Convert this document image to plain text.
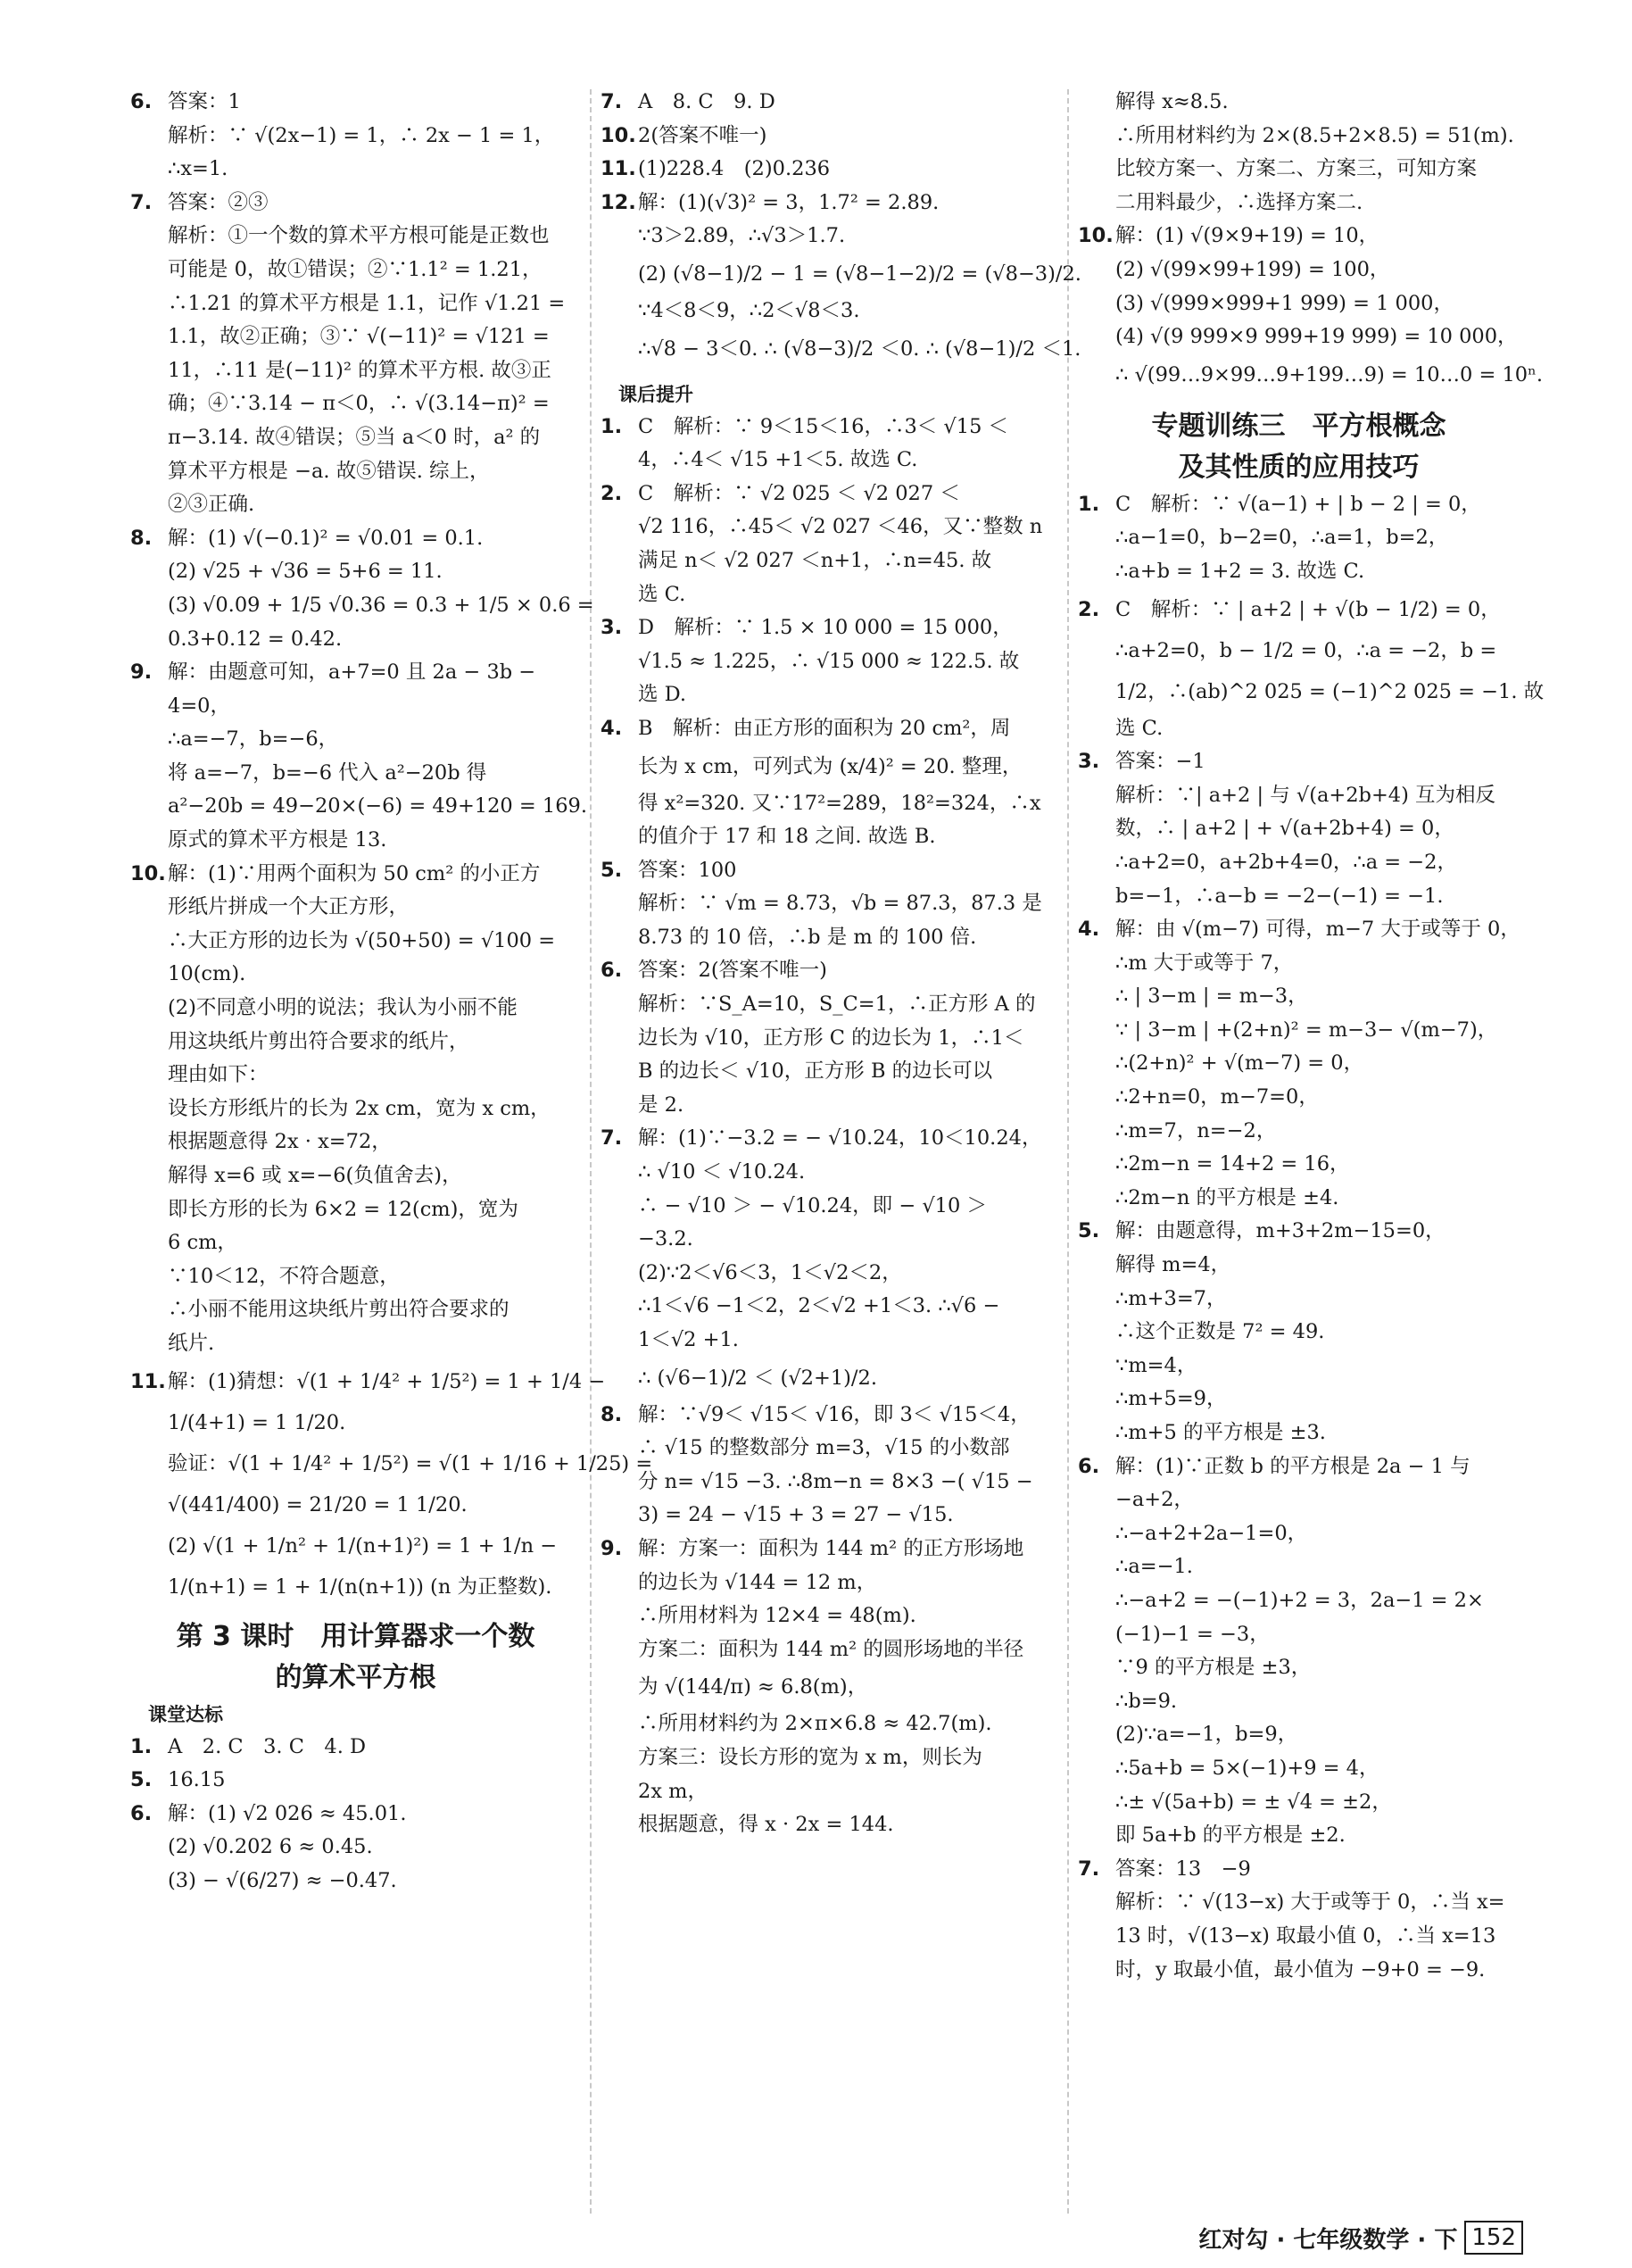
6. 答案：1
解析：∵ √(2x−1) = 1，∴ 2x − 1 = 1，
∴x=1.
7. 答案：②③
解析：①一个数的算术平方根可能是正数也
可能是 0，故①错误；②∵1.1² = 1.21，
∴1.21 的算术平方根是 1.1，记作 √1.21 =
1.1，故②正确；③∵ √(−11)² = √121 =
11，∴11 是(−11)² 的算术平方根. 故③正
确；④∵3.14 − π＜0，∴ √(3.14−π)² =
π−3.14. 故④错误；⑤当 a＜0 时，a² 的
算术平方根是 −a. 故⑤错误. 综上，
②③正确.
8. 解：(1) √(−0.1)² = √0.01 = 0.1.
(2) √25 + √36 = 5+6 = 11.
(3) √0.09 + 1/5 √0.36 = 0.3 + 1/5 × 0.6 =
0.3+0.12 = 0.42.
9. 解：由题意可知，a+7=0 且 2a − 3b −
4=0，
∴a=−7，b=−6，
将 a=−7，b=−6 代入 a²−20b 得
a²−20b = 49−20×(−6) = 49+120 = 169.
原式的算术平方根是 13.
10.解：(1)∵用两个面积为 50 cm² 的小正方
形纸片拼成一个大正方形，
∴大正方形的边长为 √(50+50) = √100 =
10(cm).
(2)不同意小明的说法；我认为小丽不能
用这块纸片剪出符合要求的纸片，
理由如下：
设长方形纸片的长为 2x cm，宽为 x cm，
根据题意得 2x · x=72，
解得 x=6 或 x=−6(负值舍去)，
即长方形的长为 6×2 = 12(cm)，宽为
6 cm，
∵10＜12，不符合题意，
∴小丽不能用这块纸片剪出符合要求的
纸片.
11.解：(1)猜想：√(1 + 1/4² + 1/5²) = 1 + 1/4 −
1/(4+1) = 1 1/20.
验证：√(1 + 1/4² + 1/5²) = √(1 + 1/16 + 1/25) =
√(441/400) = 21/20 = 1 1/20.
(2) √(1 + 1/n² + 1/(n+1)²) = 1 + 1/n −
1/(n+1) = 1 + 1/(n(n+1)) (n 为正整数).
第 3 课时　用计算器求一个数
的算术平方根
课堂达标
1. A　2. C　3. C　4. D
5. 16.15
6. 解：(1) √2 026 ≈ 45.01.
(2) √0.202 6 ≈ 0.45.
(3) − √(6/27) ≈ −0.47.
7. A　8. C　9. D
10.2(答案不唯一)
11.(1)228.4　(2)0.236
12.解：(1)(√3)² = 3，1.7² = 2.89.
∵3＞2.89，∴√3＞1.7.
(2) (√8−1)/2 − 1 = (√8−1−2)/2 = (√8−3)/2.
∵4＜8＜9，∴2＜√8＜3.
∴√8 − 3＜0. ∴ (√8−3)/2 ＜0. ∴ (√8−1)/2 ＜1.
课后提升
1. C　解析：∵ 9＜15＜16，∴3＜ √15 ＜
4，∴4＜ √15 +1＜5. 故选 C.
2. C　解析：∵ √2 025 ＜ √2 027 ＜
√2 116，∴45＜ √2 027 ＜46，又∵整数 n
满足 n＜ √2 027 ＜n+1，∴n=45. 故
选 C.
3. D　解析：∵ 1.5 × 10 000 = 15 000，
√1.5 ≈ 1.225，∴ √15 000 ≈ 122.5. 故
选 D.
4. B　解析：由正方形的面积为 20 cm²，周
长为 x cm，可列式为 (x/4)² = 20. 整理，
得 x²=320. 又∵17²=289，18²=324，∴x
的值介于 17 和 18 之间. 故选 B.
5. 答案：100
解析：∵ √m = 8.73，√b = 87.3，87.3 是
8.73 的 10 倍，∴b 是 m 的 100 倍.
6. 答案：2(答案不唯一)
解析：∵S_A=10，S_C=1，∴正方形 A 的
边长为 √10，正方形 C 的边长为 1，∴1＜
B 的边长＜ √10，正方形 B 的边长可以
是 2.
7. 解：(1)∵−3.2 = − √10.24，10＜10.24，
∴ √10 ＜ √10.24.
∴ − √10 ＞ − √10.24，即 − √10 ＞
−3.2.
(2)∵2＜√6＜3，1＜√2＜2，
∴1＜√6 −1＜2，2＜√2 +1＜3. ∴√6 −
1＜√2 +1.
∴ (√6−1)/2 ＜ (√2+1)/2.
8. 解：∵√9＜ √15＜ √16，即 3＜ √15＜4，
∴ √15 的整数部分 m=3，√15 的小数部
分 n= √15 −3. ∴8m−n = 8×3 −( √15 −
3) = 24 − √15 + 3 = 27 − √15.
9. 解：方案一：面积为 144 m² 的正方形场地
的边长为 √144 = 12 m，
∴所用材料为 12×4 = 48(m).
方案二：面积为 144 m² 的圆形场地的半径
为 √(144/π) ≈ 6.8(m)，
∴所用材料约为 2×π×6.8 ≈ 42.7(m).
方案三：设长方形的宽为 x m，则长为
2x m，
根据题意，得 x · 2x = 144.
解得 x≈8.5.
∴所用材料约为 2×(8.5+2×8.5) = 51(m).
比较方案一、方案二、方案三，可知方案
二用料最少，∴选择方案二.
10.解：(1) √(9×9+19) = 10，
(2) √(99×99+199) = 100，
(3) √(999×999+1 999) = 1 000，
(4) √(9 999×9 999+19 999) = 10 000，
∴ √(99…9×99…9+199…9) = 10…0 = 10ⁿ.
专题训练三　平方根概念
及其性质的应用技巧
1. C　解析：∵ √(a−1) + | b − 2 | = 0，
∴a−1=0，b−2=0，∴a=1，b=2，
∴a+b = 1+2 = 3. 故选 C.
2. C　解析：∵ | a+2 | + √(b − 1/2) = 0，
∴a+2=0，b − 1/2 = 0，∴a = −2，b =
1/2，∴(ab)^2 025 = (−1)^2 025 = −1. 故
选 C.
3. 答案：−1
解析：∵| a+2 | 与 √(a+2b+4) 互为相反
数，∴ | a+2 | + √(a+2b+4) = 0，
∴a+2=0，a+2b+4=0，∴a = −2，
b=−1，∴a−b = −2−(−1) = −1.
4. 解：由 √(m−7) 可得，m−7 大于或等于 0，
∴m 大于或等于 7，
∴ | 3−m | = m−3，
∵ | 3−m | +(2+n)² = m−3− √(m−7)，
∴(2+n)² + √(m−7) = 0，
∴2+n=0，m−7=0，
∴m=7，n=−2，
∴2m−n = 14+2 = 16，
∴2m−n 的平方根是 ±4.
5. 解：由题意得，m+3+2m−15=0，
解得 m=4，
∴m+3=7，
∴这个正数是 7² = 49.
∵m=4，
∴m+5=9，
∴m+5 的平方根是 ±3.
6. 解：(1)∵正数 b 的平方根是 2a − 1 与
−a+2，
∴−a+2+2a−1=0，
∴a=−1.
∴−a+2 = −(−1)+2 = 3，2a−1 = 2×
(−1)−1 = −3，
∵9 的平方根是 ±3，
∴b=9.
(2)∵a=−1，b=9，
∴5a+b = 5×(−1)+9 = 4，
∴± √(5a+b) = ± √4 = ±2，
即 5a+b 的平方根是 ±2.
7. 答案：13　−9
解析：∵ √(13−x) 大于或等于 0，∴当 x=
13 时，√(13−x) 取最小值 0，∴当 x=13
时，y 取最小值，最小值为 −9+0 = −9.
红对勾 · 七年级数学 · 下 152
